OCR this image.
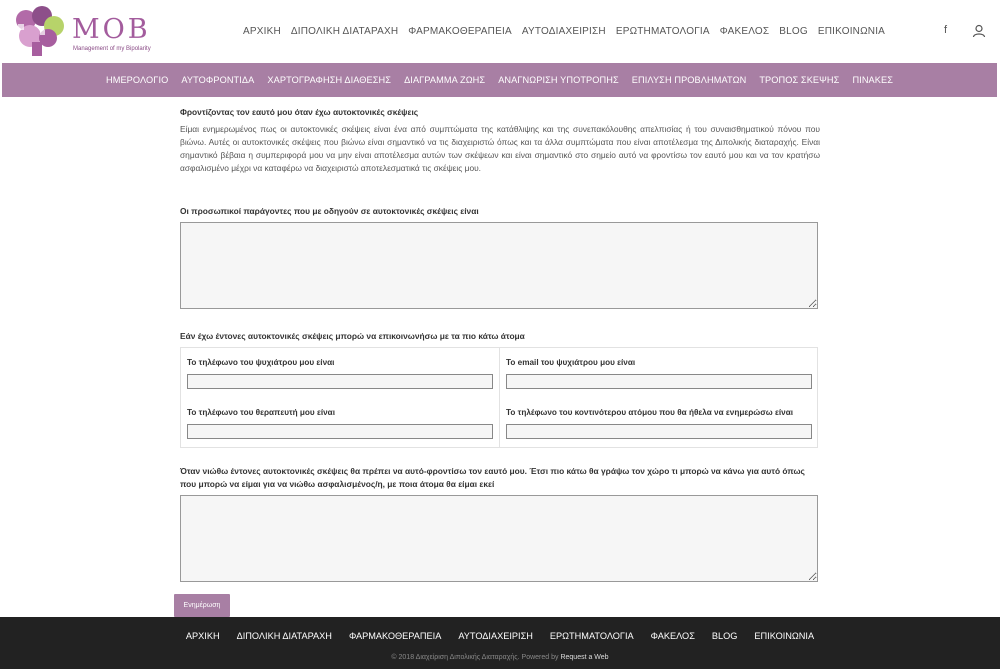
MOB
Management of my Bipolarity
ΑΡΧΙΚΗ	ΔΙΠΟΛΙΚΗ ΔΙΑΤΑΡΑΧΗ	ΦΑΡΜΑΚΟΘΕΡΑΠΕΙΑ	ΑΥΤΟΔΙΑΧΕΙΡΙΣΗ	ΕΡΩΤΗΜΑΤΟΛΟΓΙΑ	ΦΑΚΕΛΟΣ	BLOG	ΕΠΙΚΟΙΝΩΝΙΑ	f
ΗΜΕΡΟΛΟΓΙΟ	ΑΥΤΟΦΡΟΝΤΙΔΑ	ΧΑΡΤΟΓΡΑΦΗΣΗ ΔΙΑΘΕΣΗΣ	ΔΙΑΓΡΑΜΜΑ ΖΩΗΣ	ΑΝΑΓΝΩΡΙΣΗ ΥΠΟΤΡΟΠΗΣ	ΕΠΙΛΥΣΗ ΠΡΟΒΛΗΜΑΤΩΝ	ΤΡΟΠΟΣ ΣΚΕΨΗΣ	ΠΙΝΑΚΕΣ
Φροντίζοντας τον εαυτό μου όταν έχω αυτοκτονικές σκέψεις

Είμαι ενημερωμένος πως οι αυτοκτονικές σκέψεις είναι ένα από συμπτώματα της κατάθλιψης και της συνεπακόλουθης απελπισίας ή του συναισθηματικού πόνου που βιώνω. Αυτές οι αυτοκτονικές σκέψεις που βιώνω είναι σημαντικό να τις διαχειριστώ όπως και τα άλλα συμπτώματα που είναι αποτέλεσμα της Διπολικής διαταραχής. Είναι σημαντικό βέβαια η συμπεριφορά μου να μην είναι αποτέλεσμα αυτών των σκέψεων και είναι σημαντικό στο σημείο αυτό να φροντίσω τον εαυτό μου και να τον κρατήσω ασφαλισμένο μέχρι να καταφέρω να διαχειριστώ αποτελεσματικά τις σκέψεις μου.

Οι προσωπικοί παράγοντες που με οδηγούν σε αυτοκτονικές σκέψεις είναι
Εάν έχω έντονες αυτοκτονικές σκέψεις μπορώ να επικοινωνήσω με τα πιο κάτω άτομα
Το τηλέφωνο του ψυχιάτρου μου είναι	Το email του ψυχιάτρου μου είναι
Το τηλέφωνο του θεραπευτή μου είναι	Το τηλέφωνο του κοντινότερου ατόμου που θα ήθελα να ενημερώσω είναι
Όταν νιώθω έντονες αυτοκτονικές σκέψεις θα πρέπει να αυτό-φροντίσω τον εαυτό μου. Έτσι πιο κάτω θα γράψω τον χώρο τι μπορώ να κάνω για αυτό όπως που μπορώ να είμαι για να νιώθω ασφαλισμένος/η, με ποια άτομα θα είμαι εκεί
Ενημέρωση
ΑΡΧΙΚΗ	ΔΙΠΟΛΙΚΗ ΔΙΑΤΑΡΑΧΗ	ΦΑΡΜΑΚΟΘΕΡΑΠΕΙΑ	ΑΥΤΟΔΙΑΧΕΙΡΙΣΗ	ΕΡΩΤΗΜΑΤΟΛΟΓΙΑ	ΦΑΚΕΛΟΣ	BLOG	ΕΠΙΚΟΙΝΩΝΙΑ
© 2018 Διαχείριση Διπολικής Διαταραχής. Powered by Request a Web
